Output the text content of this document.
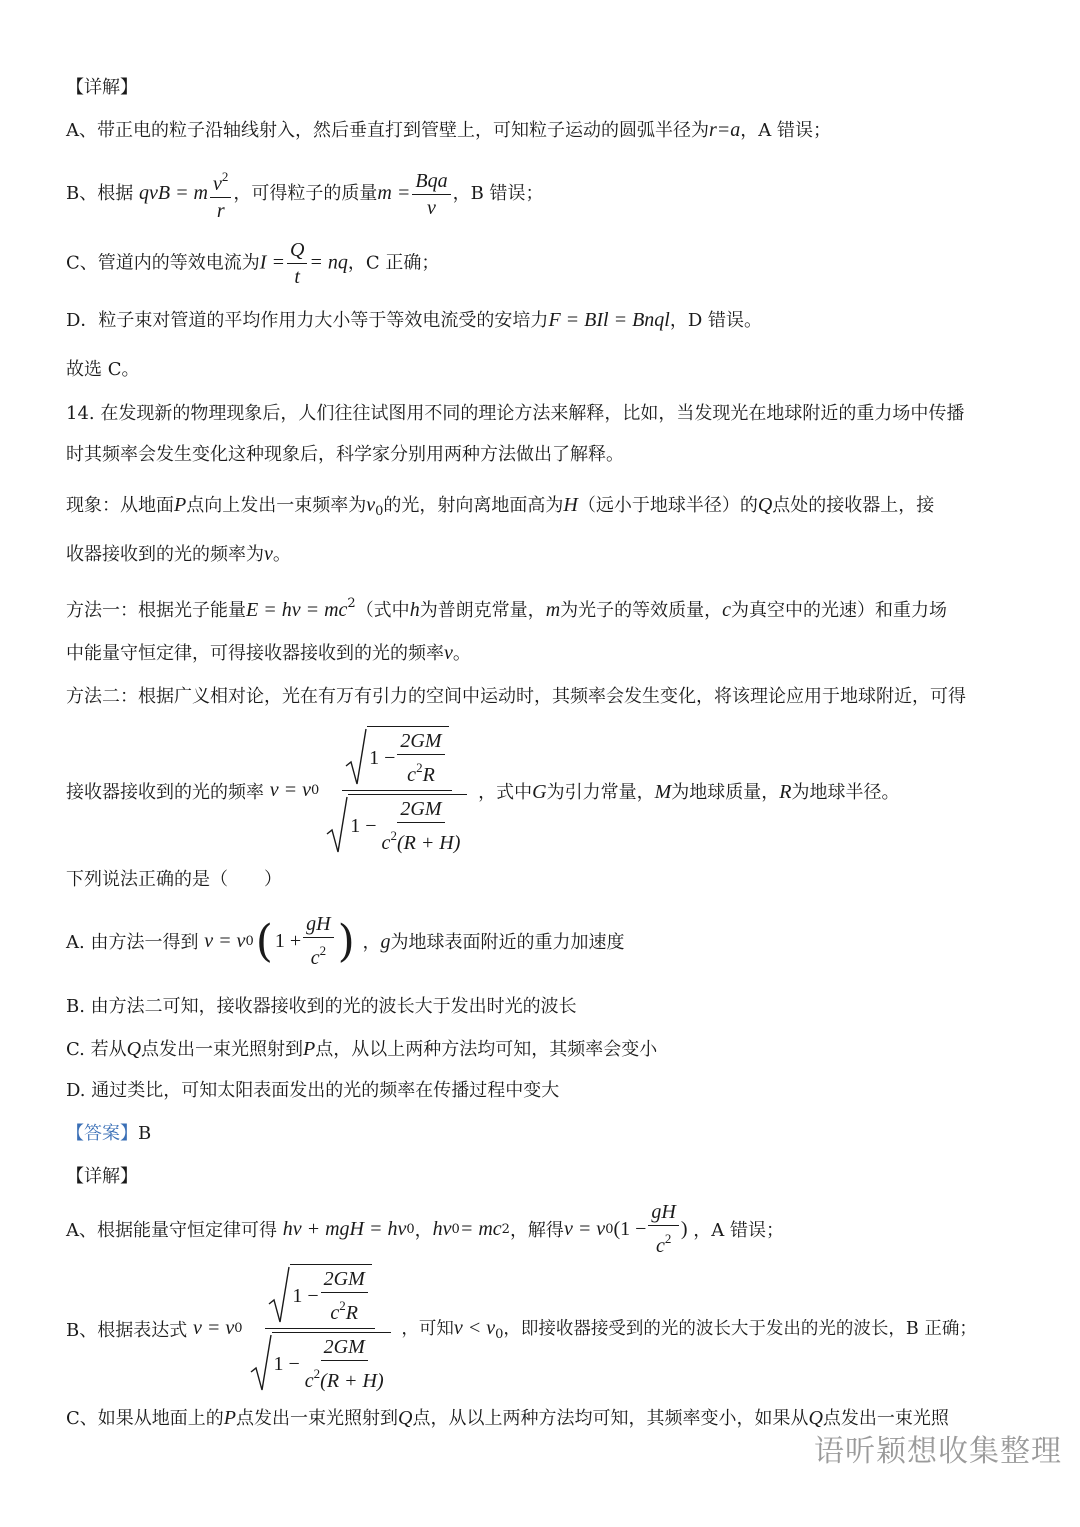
【详解】
A、带正电的粒子沿轴线射入，然后垂直打到管壁上，可知粒子运动的圆弧半径为r=a，A 错误；
B、根据 qvB = m $\frac{v^2}{r}$ ，可得粒子的质量$m = \frac{\text{Bqa}}{v}$ ，B 错误；
C、管道内的等效电流为$I = \frac{Q}{t}$ = nq，C 正确；
D．粒子束对管道的平均作用力大小等于等效电流受的安培力F = BIl = Bnql，D 错误。
故选 C。
14. 在发现新的物理现象后，人们往往试图用不同的理论方法来解释，比如，当发现光在地球附近的重力场中传播
时其频率会发生变化这种现象后，科学家分别用两种方法做出了解释。
现象：从地面P点向上发出一束频率为$\nu_0$的光，射向离地面高为H（远小于地球半径）的Q点处的接收器上，接
收器接收到的光的频率为ν。
方法一：根据光子能量$E = h\nu = mc^2$（式中h为普朗克常量，m为光子的等效质量，c为真空中的光速）和重力场
中能量守恒定律，可得接收器接收到的光的频率ν。
方法二：根据广义相对论，光在有万有引力的空间中运动时，其频率会发生变化，将该理论应用于地球附近，可得
接收器接收到的光的频率 ν = ν $0 \frac{1 - \frac{2GM}{c^2R}}{1 - \frac{2GM}{c^2(R + H)}}$ ，式中G为引力常量，M为地球质量，R为地球半径。
下列说法正确的是（　　）
A. 由方法一得到 ν = ν 0 ( $1 + \frac{gH}{c^2}$ ) ，g为地球表面附近的重力加速度
B. 由方法二可知，接收器接收到的光的波长大于发出时光的波长
C. 若从Q点发出一束光照射到P点，从以上两种方法均可知，其频率会变小
D. 通过类比，可知太阳表面发出的光的频率在传播过程中变大
【答案】B
【详解】
A、根据能量守恒定律可得 hν + mgH = hν 0 ， hν 0 = mc 2 ，解得 ν = ν 0 ($1 - \frac{gH}{c^2}$ ) ，A 错误；
B、根据表达式 ν = ν $0 \frac{1 - \frac{2GM}{c^2R}}{1 - \frac{2GM}{c^2(R + H)}}$ ，可知$\nu < \nu_0$，即接收器接受到的光的波长大于发出的光的波长，B 正确；
C、如果从地面上的P点发出一束光照射到Q点，从以上两种方法均可知，其频率变小，如果从Q点发出一束光照
语听颖想收集整理
